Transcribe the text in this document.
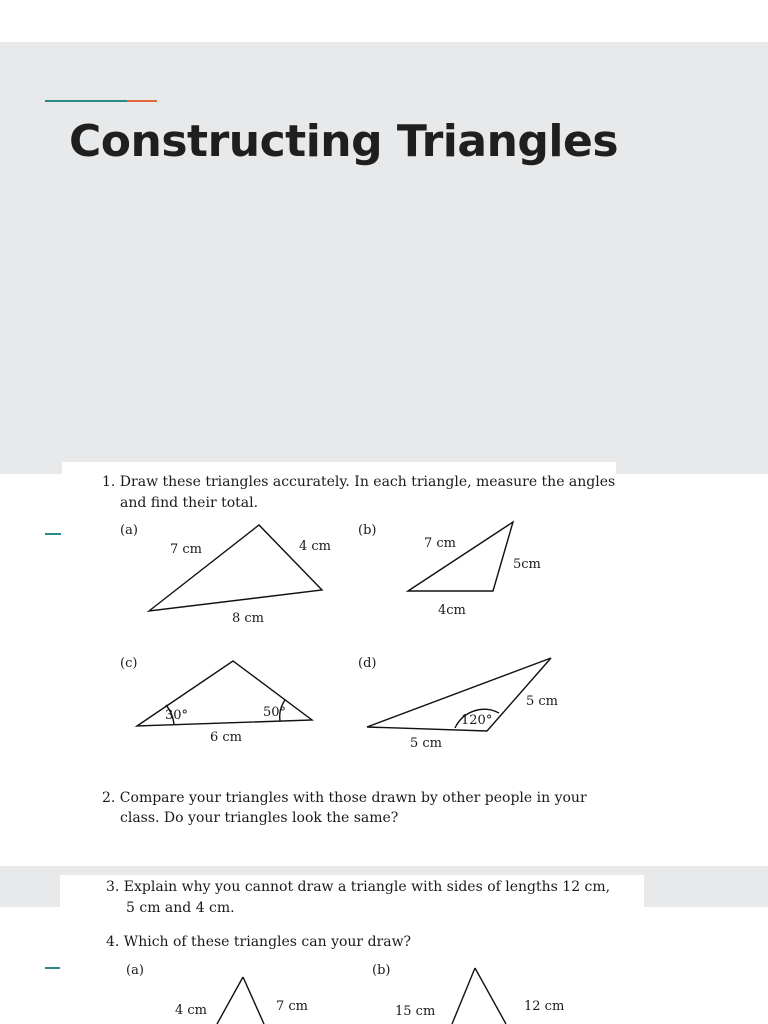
Constructing Triangles
1. Draw these triangles accurately. In each triangle, measure the angles
and find their total.
(a)	(b)
7 cm	4 cm
8 cm
7 cm
5cm
4cm
(c)	(d)
30°	50°
6 cm
5 cm
120°
5 cm
2. Compare your triangles with those drawn by other people in your
class. Do your triangles look the same?
3. Explain why you cannot draw a triangle with sides of lengths 12 cm,
5 cm and 4 cm.
4. Which of these triangles can your draw?
(a)	(b)
4 cm	7 cm	15 cm	12 cm
